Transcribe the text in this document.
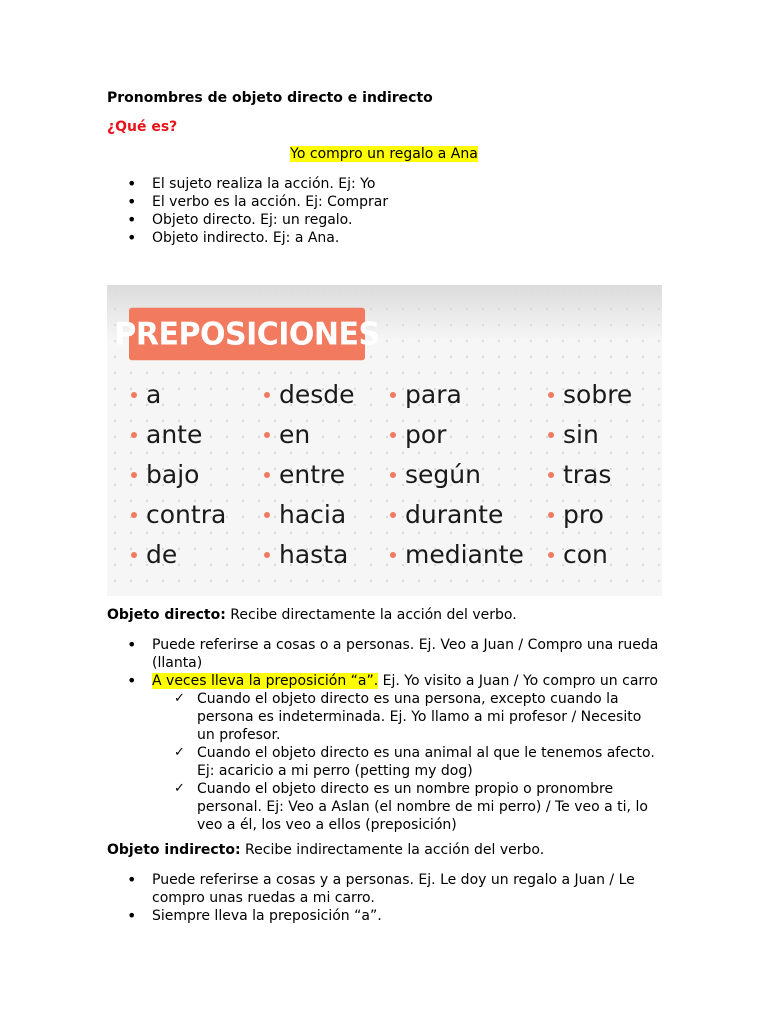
Pronombres de objeto directo e indirecto
¿Qué es?
Yo compro un regalo a Ana
• El sujeto realiza la acción. Ej: Yo
• El verbo es la acción. Ej: Comprar
• Objeto directo. Ej: un regalo.
• Objeto indirecto. Ej: a Ana.
PREPOSICIONES
a
ante
bajo
contra
de
desde
en
entre
hacia
hasta
para
por
según
durante
mediante
sobre
sin
tras
pro
con
Objeto directo: Recibe directamente la acción del verbo.
• Puede referirse a cosas o a personas. Ej. Veo a Juan / Compro una rueda (llanta)
• A veces lleva la preposición “a”. Ej. Yo visito a Juan / Yo compro un carro
✓ Cuando el objeto directo es una persona, excepto cuando la persona es indeterminada. Ej. Yo llamo a mi profesor / Necesito un profesor.
✓ Cuando el objeto directo es una animal al que le tenemos afecto. Ej: acaricio a mi perro (petting my dog)
✓ Cuando el objeto directo es un nombre propio o pronombre personal. Ej: Veo a Aslan (el nombre de mi perro) / Te veo a ti, lo veo a él, los veo a ellos (preposición)
Objeto indirecto: Recibe indirectamente la acción del verbo.
• Puede referirse a cosas y a personas. Ej. Le doy un regalo a Juan / Le compro unas ruedas a mi carro.
• Siempre lleva la preposición “a”.
